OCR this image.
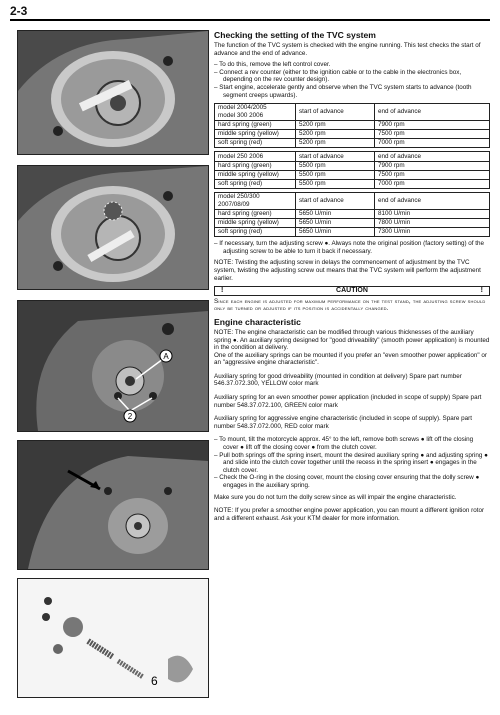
2-3
A
2
6
Checking the setting of the TVC system

The function of the TVC system is checked with the engine running. This test checks the start of advance and the end of advance.

– To do this, remove the left control cover.
– Connect a rev counter (either to the ignition cable or to the cable in the electronics box, depending on the rev counter design).
– Start engine, accelerate gently and observe when the TVC system starts to advance (tooth segment creeps upwards).
model 2004/2005
model 300 2006	start of advance	end of advance
hard spring (green)	5200 rpm	7900 rpm
middle spring (yellow)	5200 rpm	7500 rpm
soft spring (red)	5200 rpm	7000 rpm
model 250 2006	start of advance	end of advance
hard spring (green)	5500 rpm	7900 rpm
middle spring (yellow)	5500 rpm	7500 rpm
soft spring (red)	5500 rpm	7000 rpm
model 250/300
2007/08/09	start of advance	end of advance
hard spring (green)	5650 U/min	8100 U/min
middle spring (yellow)	5650 U/min	7800 U/min
soft spring (red)	5650 U/min	7300 U/min
– If necessary, turn the adjusting screw ●. Always note the original position (factory setting) of the adjusting screw to be able to turn it back if necessary.

NOTE: Twisting the adjusting screw in delays the commencement of adjustment by the TVC system, twisting the adjusting screw out means that the TVC system will perform the adjustment earlier.

!	CAUTION	!

Since each engine is adjusted for maximum performance on the test stand, the adjusting screw should only be turned or adjusted if its position is accidentally changed.

Engine characteristic

NOTE: The engine characteristic can be modified through various thicknesses of the auxiliary spring ●. An auxiliary spring designed for "good driveability" (smooth power application) is mounted in the condition at delivery.

One of the auxiliary springs can be mounted if you prefer an "even smoother power application" or an "aggressive engine characteristic".

Auxiliary spring for good driveability (mounted in condition at delivery) Spare part number 546.37.072.300, YELLOW color mark

Auxiliary spring for an even smoother power application (included in scope of supply) Spare part number 548.37.072.100, GREEN color mark

Auxiliary spring for aggressive engine characteristic (included in scope of supply). Spare part number 548.37.072.000, RED color mark

– To mount, tilt the motorcycle approx. 45° to the left, remove both screws ● lift off the closing cover ● lift off the closing cover ● from the clutch cover.
– Pull both springs off the spring insert, mount the desired auxiliary spring ● and adjusting spring ● and slide into the clutch cover together until the recess in the spring insert ● engages in the clutch cover.
– Check the O-ring in the closing cover, mount the closing cover ensuring that the dolly screw ● engages in the auxiliary spring.

Make sure you do not turn the dolly screw since as will impair the engine characteristic.

NOTE: If you prefer a smoother engine power application, you can mount a different ignition rotor and a different exhaust. Ask your KTM dealer for more information.
